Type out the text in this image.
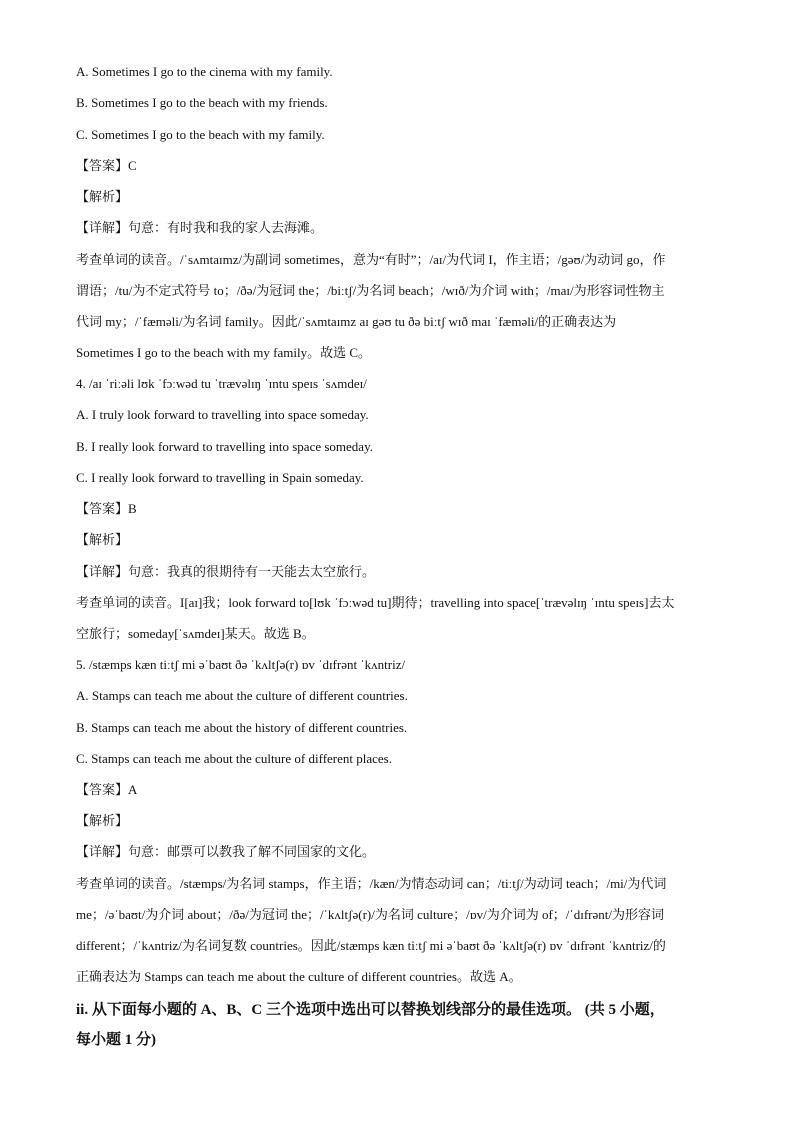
A. Sometimes I go to the cinema with my family.
B. Sometimes I go to the beach with my friends.
C. Sometimes I go to the beach with my family.
【答案】C
【解析】
【详解】句意：有时我和我的家人去海滩。
考查单词的读音。/ˈsʌmtaɪmz/为副词 sometimes，意为“有时”；/aɪ/为代词 I，作主语；/gəʊ/为动词 go，作
谓语；/tu/为不定式符号 to；/ðə/为冠词 the；/biːtʃ/为名词 beach；/wɪð/为介词 with；/maɪ/为形容词性物主
代词 my；/ˈfæməli/为名词 family。因此/ˈsʌmtaɪmz aɪ gəʊ tu ðə biːtʃ wɪð maɪ ˈfæməli/的正确表达为
Sometimes I go to the beach with my family。故选 C。
4. /aɪ ˈriːəli lʊk ˈfɔːwəd tu ˈtrævəlɪŋ ˈɪntu speɪs ˈsʌmdeɪ/
A. I truly look forward to travelling into space someday.
B. I really look forward to travelling into space someday.
C. I really look forward to travelling in Spain someday.
【答案】B
【解析】
【详解】句意：我真的很期待有一天能去太空旅行。
考查单词的读音。I[aɪ]我；look forward to[lʊk ˈfɔːwəd tu]期待；travelling into space[ˈtrævəlɪŋ ˈɪntu speɪs]去太
空旅行；someday[ˈsʌmdeɪ]某天。故选 B。
5. /stæmps kæn tiːtʃ mi əˈbaʊt ðə ˈkʌltʃə(r) ɒv ˈdɪfrənt ˈkʌntriz/
A. Stamps can teach me about the culture of different countries.
B. Stamps can teach me about the history of different countries.
C. Stamps can teach me about the culture of different places.
【答案】A
【解析】
【详解】句意：邮票可以教我了解不同国家的文化。
考查单词的读音。/stæmps/为名词 stamps，作主语；/kæn/为情态动词 can；/tiːtʃ/为动词 teach；/mi/为代词
me；/əˈbaʊt/为介词 about；/ðə/为冠词 the；/ˈkʌltʃə(r)/为名词 culture；/ɒv/为介词为 of；/ˈdɪfrənt/为形容词
different；/ˈkʌntriz/为名词复数 countries。因此/stæmps kæn tiːtʃ mi əˈbaʊt ðə ˈkʌltʃə(r) ɒv ˈdɪfrənt ˈkʌntriz/的
正确表达为 Stamps can teach me about the culture of different countries。故选 A。
ii. 从下面每小题的 A、B、C 三个选项中选出可以替换划线部分的最佳选项。 (共 5 小题，
每小题 1 分)
